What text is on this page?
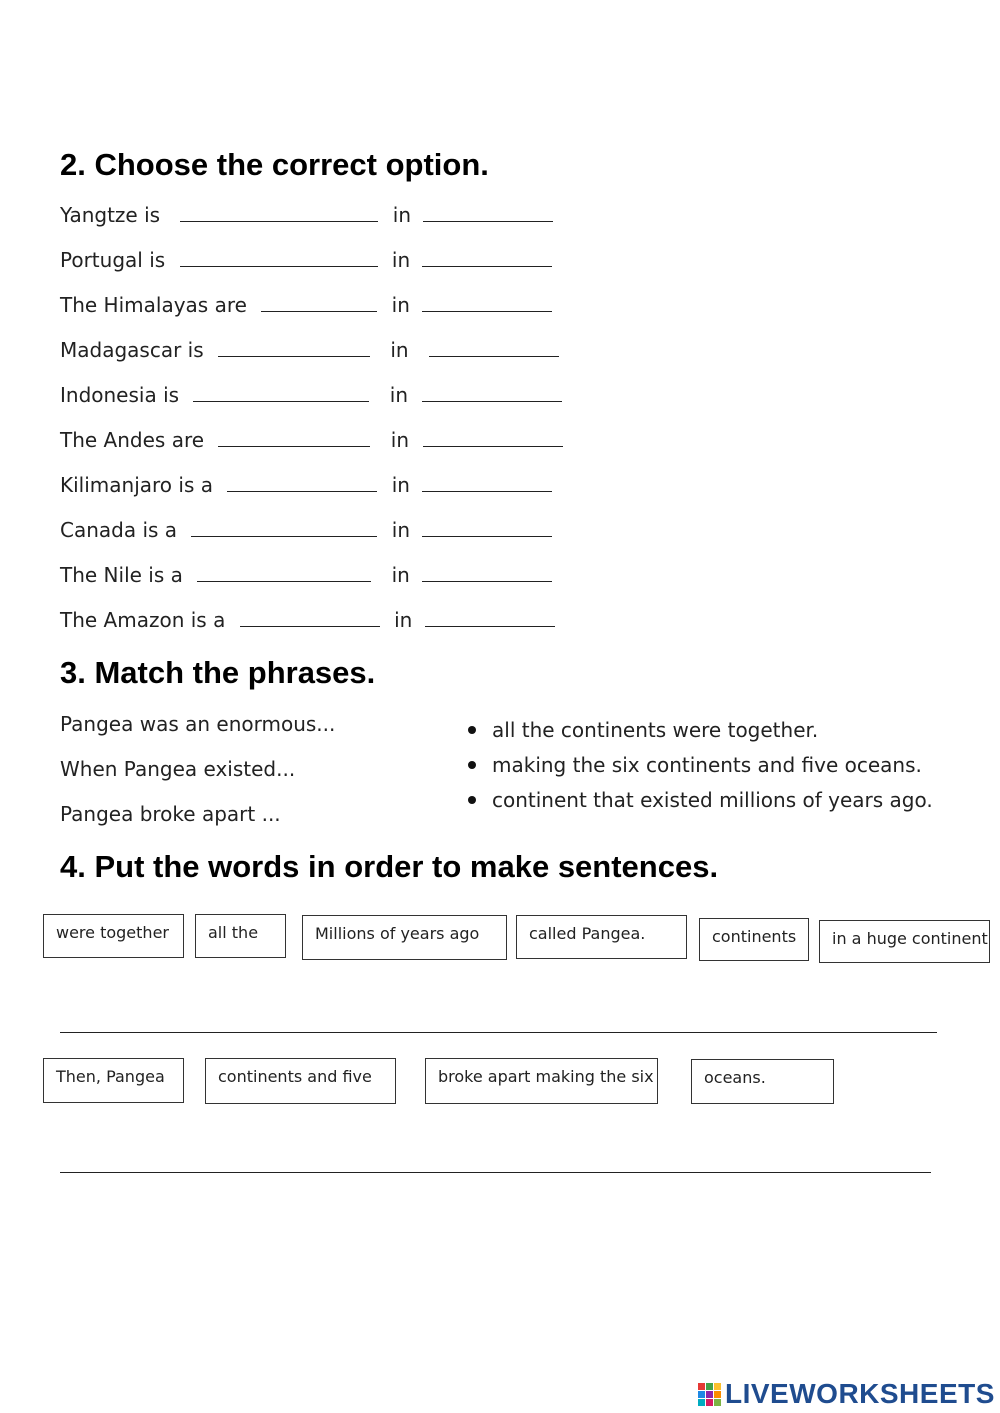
2. Choose the correct option.
Yangtze is	in
Portugal is	in
The Himalayas are	in
Madagascar is	in
Indonesia is	in
The Andes are	in
Kilimanjaro is a	in
Canada is a	in
The Nile is a	in
The Amazon is a	in
3. Match the phrases.
Pangea was an enormous...
When Pangea existed...
Pangea broke apart ...
all the continents were together.
making the six continents and five oceans.
continent that existed millions of years ago.
4. Put the words in order to make sentences.
were together	all the	Millions of years ago	called Pangea.	continents	in a huge continent
Then, Pangea	continents and five	broke apart making the six	oceans.
LIVEWORKSHEETS
